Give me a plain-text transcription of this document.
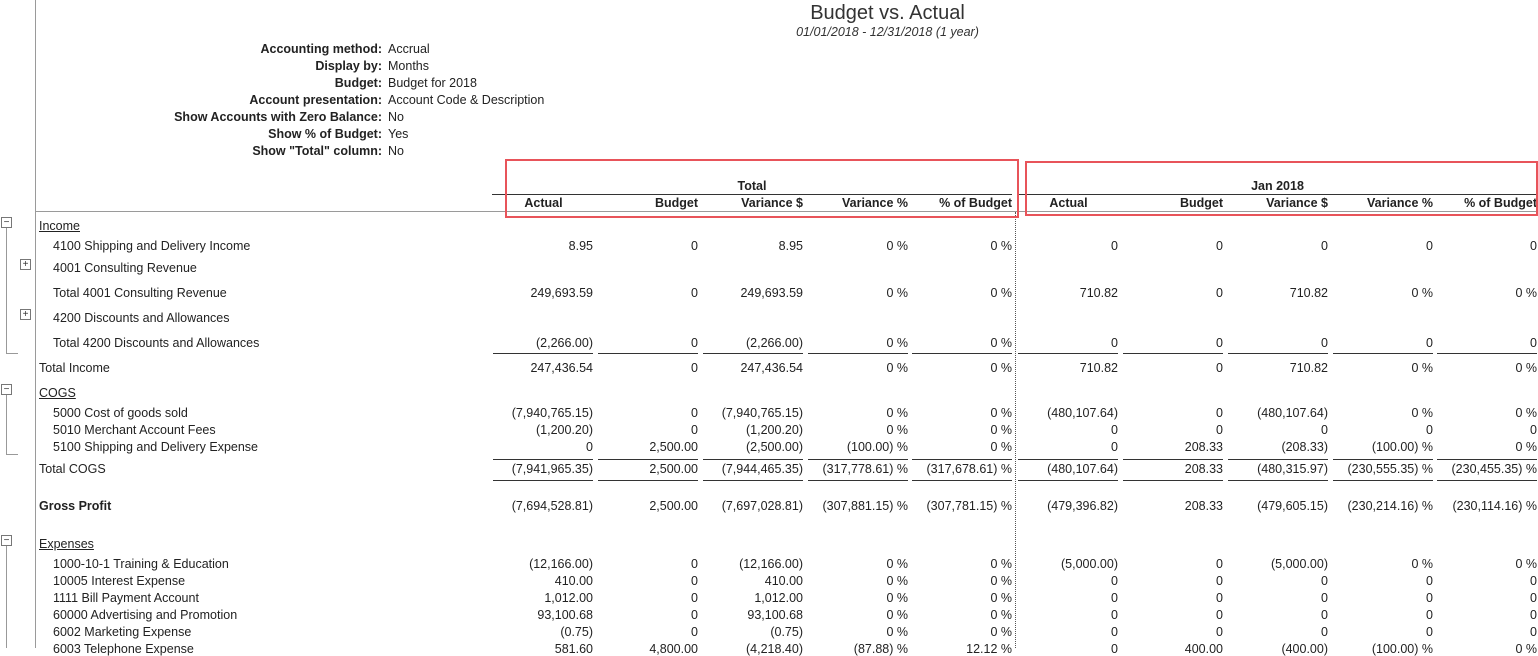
Budget vs. Actual
01/01/2018 - 12/31/2018 (1 year)
Accounting method: Accrual
Display by: Months
Budget: Budget for 2018
Account presentation: Account Code & Description
Show Accounts with Zero Balance: No
Show % of Budget: Yes
Show "Total" column: No
Total
Actual	Budget	Variance $	Variance %	% of Budget
Jan 2018
Actual	Budget	Variance $	Variance %	% of Budget
−
+
+
−
−
Income
4100 Shipping and Delivery Income	8.95	0	8.95	0 %	0 %	0	0	0	0	0
4001 Consulting Revenue
Total 4001 Consulting Revenue	249,693.59	0	249,693.59	0 %	0 %	710.82	0	710.82	0 %	0 %
4200 Discounts and Allowances
Total 4200 Discounts and Allowances	(2,266.00)	0	(2,266.00)	0 %	0 %	0	0	0	0	0
Total Income	247,436.54	0	247,436.54	0 %	0 %	710.82	0	710.82	0 %	0 %
COGS
5000 Cost of goods sold	(7,940,765.15)	0	(7,940,765.15)	0 %	0 %	(480,107.64)	0	(480,107.64)	0 %	0 %
5010 Merchant Account Fees	(1,200.20)	0	(1,200.20)	0 %	0 %	0	0	0	0	0
5100 Shipping and Delivery Expense	0	2,500.00	(2,500.00)	(100.00) %	0 %	0	208.33	(208.33)	(100.00) %	0 %
Total COGS	(7,941,965.35)	2,500.00	(7,944,465.35)	(317,778.61) %	(317,678.61) %	(480,107.64)	208.33	(480,315.97)	(230,555.35) %	(230,455.35) %
Gross Profit	(7,694,528.81)	2,500.00	(7,697,028.81)	(307,881.15) %	(307,781.15) %	(479,396.82)	208.33	(479,605.15)	(230,214.16) %	(230,114.16) %
Expenses
1000-10-1 Training & Education	(12,166.00)	0	(12,166.00)	0 %	0 %	(5,000.00)	0	(5,000.00)	0 %	0 %
10005 Interest Expense	410.00	0	410.00	0 %	0 %	0	0	0	0	0
1111 Bill Payment Account	1,012.00	0	1,012.00	0 %	0 %	0	0	0	0	0
60000 Advertising and Promotion	93,100.68	0	93,100.68	0 %	0 %	0	0	0	0	0
6002 Marketing Expense	(0.75)	0	(0.75)	0 %	0 %	0	0	0	0	0
6003 Telephone Expense	581.60	4,800.00	(4,218.40)	(87.88) %	12.12 %	0	400.00	(400.00)	(100.00) %	0 %
